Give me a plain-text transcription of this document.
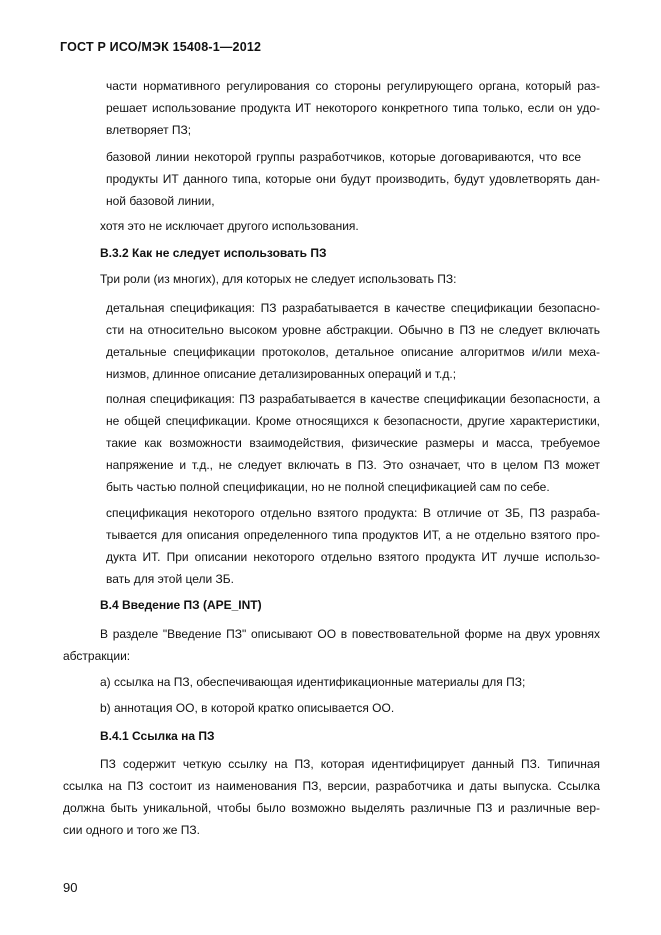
ГОСТ Р ИСО/МЭК 15408-1—2012
части нормативного регулирования со стороны регулирующего органа, который раз-
решает использование продукта ИТ некоторого конкретного типа только, если он удо-
влетворяет ПЗ;
базовой линии некоторой группы разработчиков, которые договариваются, что все
продукты ИТ данного типа, которые они будут производить, будут удовлетворять дан-
ной базовой линии,
хотя это не исключает другого использования.
В.3.2 Как не следует использовать ПЗ
Три роли (из многих), для которых не следует использовать ПЗ:
детальная спецификация: ПЗ разрабатывается в качестве спецификации безопасно-
сти на относительно высоком уровне абстракции. Обычно в ПЗ не следует включать
детальные спецификации протоколов, детальное описание алгоритмов и/или меха-
низмов, длинное описание детализированных операций и т.д.;
полная спецификация: ПЗ разрабатывается в качестве спецификации безопасности, а
не общей спецификации. Кроме относящихся к безопасности, другие характеристики,
такие как возможности взаимодействия, физические размеры и масса, требуемое
напряжение и т.д., не следует включать в ПЗ. Это означает, что в целом ПЗ может
быть частью полной спецификации, но не полной спецификацией сам по себе.
спецификация некоторого отдельно взятого продукта: В отличие от ЗБ, ПЗ разраба-
тывается для описания определенного типа продуктов ИТ, а не отдельно взятого про-
дукта ИТ. При описании некоторого отдельно взятого продукта ИТ лучше использо-
вать для этой цели ЗБ.
В.4 Введение ПЗ (APE_INT)
В разделе "Введение ПЗ" описывают ОО в повествовательной форме на двух уровнях
абстракции:
a) ссылка на ПЗ, обеспечивающая идентификационные материалы для ПЗ;
b) аннотация ОО, в которой кратко описывается ОО.
В.4.1 Ссылка на ПЗ
ПЗ содержит четкую ссылку на ПЗ, которая идентифицирует данный ПЗ. Типичная
ссылка на ПЗ состоит из наименования ПЗ, версии, разработчика и даты выпуска. Ссылка
должна быть уникальной, чтобы было возможно выделять различные ПЗ и различные вер-
сии одного и того же ПЗ.
90
